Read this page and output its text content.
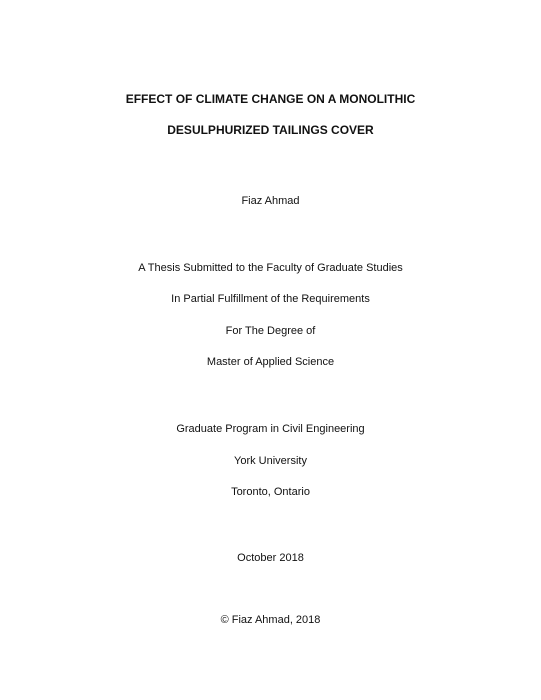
EFFECT OF CLIMATE CHANGE ON A MONOLITHIC
DESULPHURIZED TAILINGS COVER
Fiaz Ahmad
A Thesis Submitted to the Faculty of Graduate Studies
In Partial Fulfillment of the Requirements
For The Degree of
Master of Applied Science
Graduate Program in Civil Engineering
York University
Toronto, Ontario
October 2018
© Fiaz Ahmad, 2018
